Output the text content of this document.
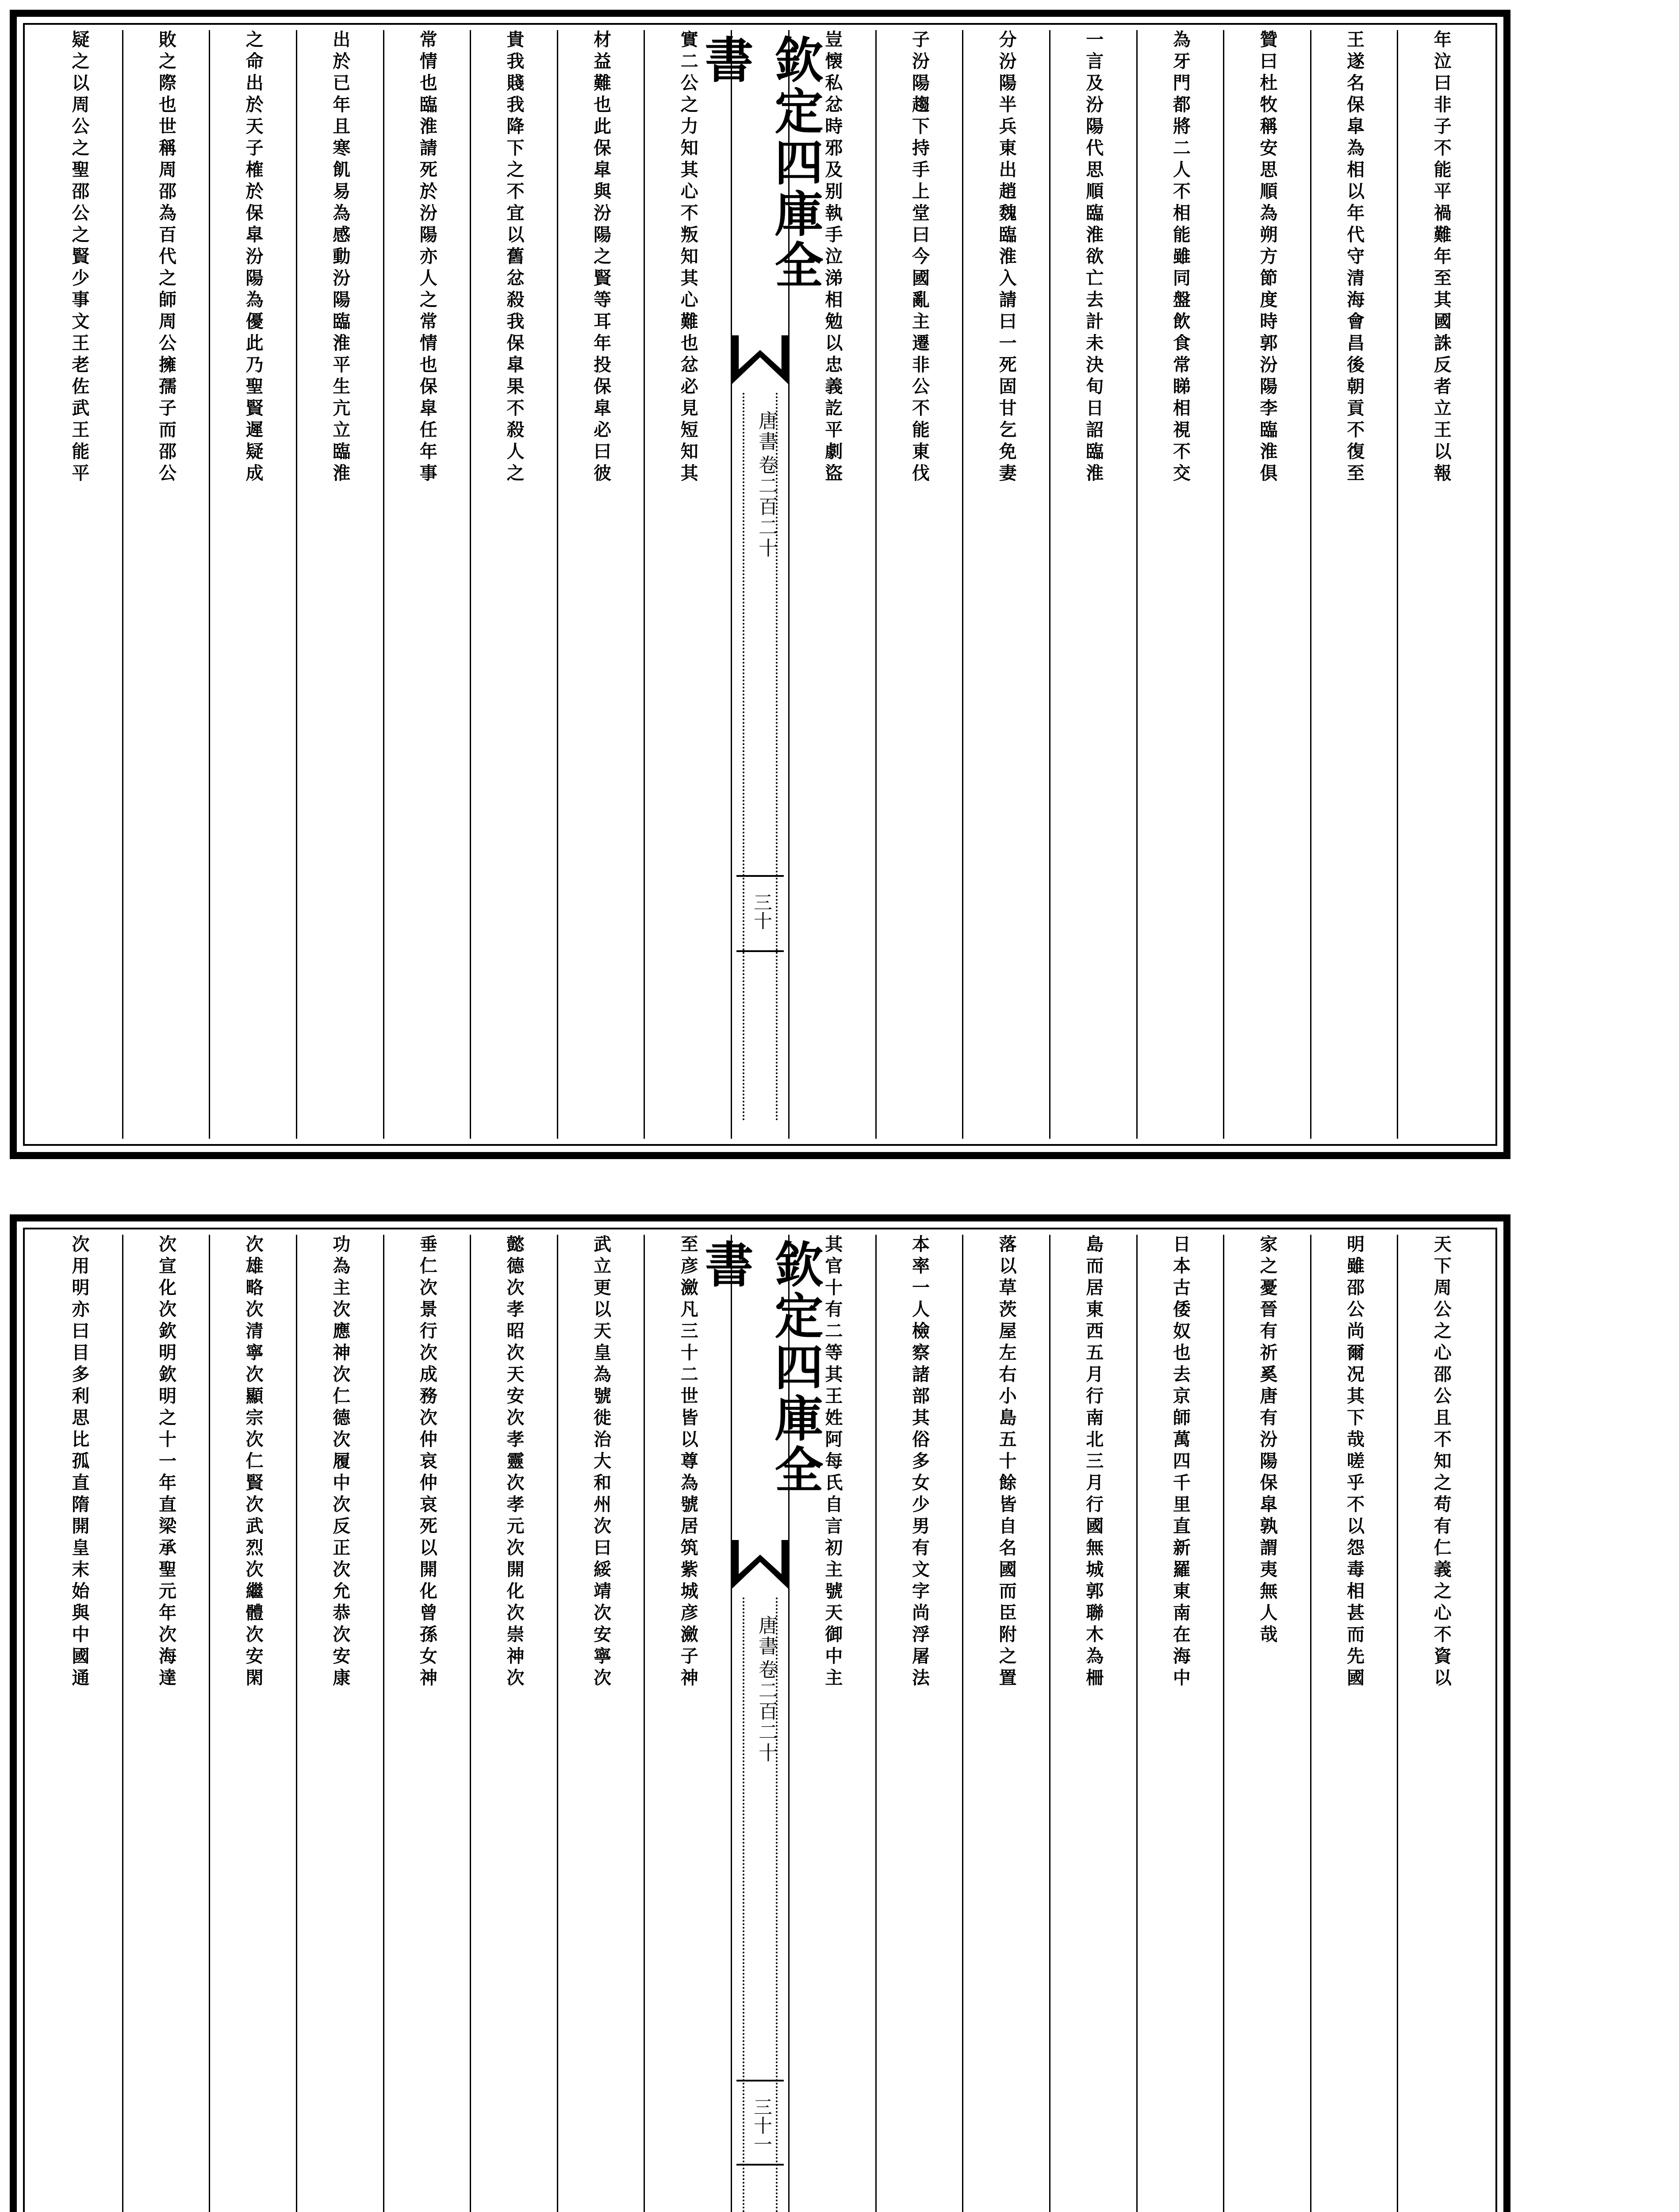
年泣曰非子不能平禍難年至其國誅反者立王以報
王遂名保皐為相以年代守清海會昌後朝貢不復至
贊曰杜牧稱安思順為朔方節度時郭汾陽李臨淮俱
為牙門都將二人不相能雖同盤飲食常睇相視不交
一言及汾陽代思順臨淮欲亡去計未決旬日詔臨淮
分汾陽半兵東出趙魏臨淮入請曰一死固甘乞免妻
子汾陽趨下持手上堂曰今國亂主遷非公不能東伐
豈懐私忿時邪及别執手泣涕相勉以忠義訖平劇盜
欽定四庫全書
唐書
卷二百二十
三十
實二公之力知其心不叛知其心難也忿必見短知其
材益難也此保皐與汾陽之賢等耳年投保皐必曰彼
貴我賤我降下之不宜以舊忿殺我保皐果不殺人之
常情也臨淮請死於汾陽亦人之常情也保皐任年事
出於已年且寒飢易為感動汾陽臨淮平生亢立臨淮
之命出於天子榷於保皐汾陽為優此乃聖賢遲疑成
敗之際也世稱周邵為百代之師周公擁孺子而邵公
疑之以周公之聖邵公之賢少事文王老佐武王能平
天下周公之心邵公且不知之苟有仁義之心不資以
明雖邵公尚爾况其下哉嗟乎不以怨毒相甚而先國
家之憂晉有祈奚唐有汾陽保皐孰謂夷無人哉
日本古倭奴也去京師萬四千里直新羅東南在海中
島而居東西五月行南北三月行國無城郭聯木為柵
落以草茨屋左右小島五十餘皆自名國而臣附之置
本率一人檢察諸部其俗多女少男有文字尚浮屠法
其官十有二等其王姓阿每氏自言初主號天御中主
欽定四庫全書
唐書
卷二百二十
三十一
至彦瀲凡三十二世皆以尊為號居筑紫城彦瀲子神
武立更以天皇為號徙治大和州次曰綏靖次安寧次
懿德次孝昭次天安次孝靈次孝元次開化次崇神次
垂仁次景行次成務次仲哀仲哀死以開化曾孫女神
功為主次應神次仁德次履中次反正次允恭次安康
次雄略次清寧次顯宗次仁賢次武烈次繼體次安閑
次宣化次欽明欽明之十一年直梁承聖元年次海達
次用明亦曰目多利思比孤直隋開皇末始與中國通
